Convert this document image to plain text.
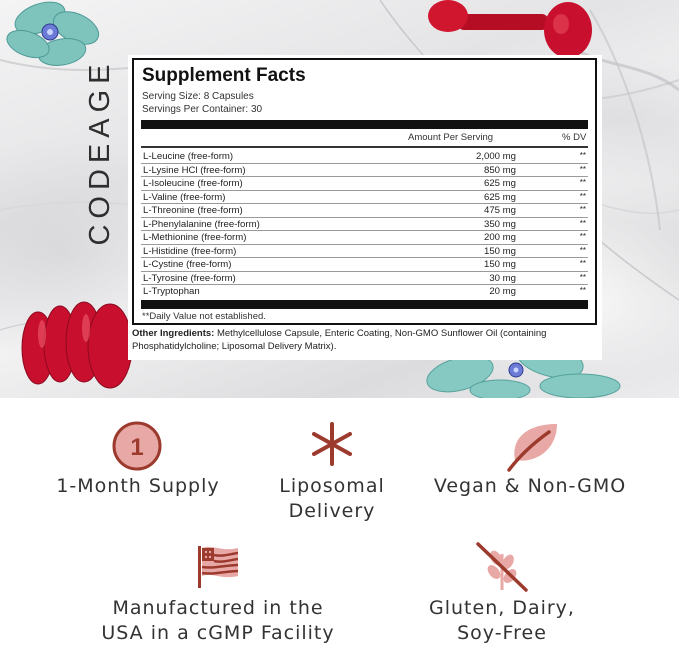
CODEAGE Supplement Facts
Serving Size: 8 Capsules
Servings Per Container: 30
Amount Per Serving	% DV
L-Leucine (free-form)	2,000 mg	**
L-Lysine HCl (free-form)	850 mg	**
L-Isoleucine (free-form)	625 mg	**
L-Valine (free-form)	625 mg	**
L-Threonine (free-form)	475 mg	**
L-Phenylalanine (free-form)	350 mg	**
L-Methionine (free-form)	200 mg	**
L-Histidine (free-form)	150 mg	**
L-Cystine (free-form)	150 mg	**
L-Tyrosine (free-form)	30 mg	**
L-Tryptophan	20 mg	**
**Daily Value not established.
Other Ingredients: Methylcellulose Capsule, Enteric Coating, Non-GMO Sunflower Oil (containing Phosphatidylcholine; Liposomal Delivery Matrix).
1
1-Month Supply	Liposomal
Delivery
Vegan & Non-GMO
Manufactured in the
USA in a cGMP Facility
Gluten, Dairy,
Soy-Free
